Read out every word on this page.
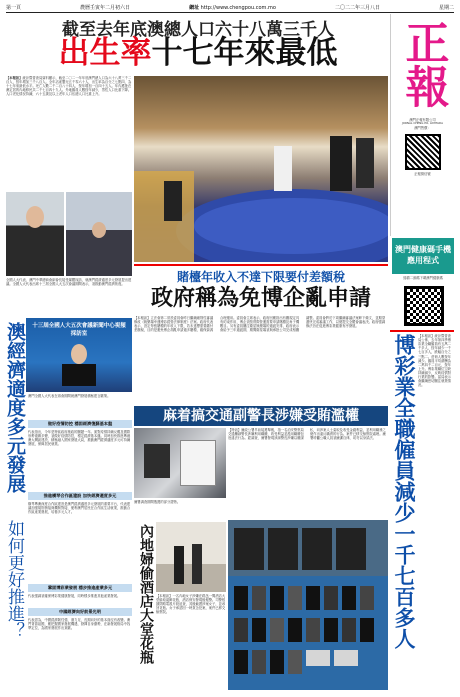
第一頁	農曆壬寅年二月初六日	網址 http://www.chengpou.com.mo	二〇二二年三月八日	星期二
截至去年底澳總人口六十八萬三千人
出生率十七年來最低
【本報訊】統計暨普查局資料顯示，截至二〇二一年年底澳門總人口為六十八萬三千二百人，按年增加三千八百人。全年活產嬰兒五千零六十人，出生率為百分之七點四，為十七年來最低水平。死亡人數二千二百八十四人，按年增加一百四十五人。年內獲批在澳定居的內地移民共二千七百四十九人。外地僱員人數按年減少，男性人口比重下降。人口老化情況持續，六十五歲及以上老年人口佔總人口比重上升。	正報
澳門正報有限公司
JORNAL CHENG PO, LIMITADA
澳門售價：
正報微信號
澳門健康碼手機應用程式
掃描二維碼下載澳門健康碼
全國人大代表、澳門中華總商會副會長接受媒體採訪，就澳門經濟適度多元發展提出建議。全國人大代表出席十三屆全國人大五次會議期間表示，須推動澳門經濟恢復。
十三屆全國人大五次會議新聞中心視頻採訪室
澳經濟適度多元發展
如何更好推進？
澳門全國人大代表在兩會期間就澳門發展積極建言獻策。
做好疫情防控 穩固經濟復蘇基本盤
代表指出，今年是特區政府施政的關鍵一年。面對疫情持續反覆及國際形勢複雜多變，須做好疫情防控，穩定經濟基本盤。同時加快推進粵港澳大灣區建設，積極融入國家發展大局，推動澳門經濟適度多元可持續發展，保障居民就業。
推進橫琴合作區建設 加快經濟適度多元
橫琴粵澳深度合作區建設是澳門經濟適度多元發展的重要平台，代表建議加強規則銜接與機制對接，便利澳門居民在合作區生活就業，推動合作區產業發展，培養多元人才。
鞏固博彩業發展 穩步推進產業多元
代表強調須確保博彩業健康發展，同時穩步推進其他產業發展。
中國經濟向好前景光明
代表認為，中國經濟韌性強、潛力足，長期向好的基本面沒有改變。澳門背靠祖國，應把握國家發展機遇，發揮自身優勢，在新發展格局中找準定位，為國家發展作出貢獻。
賭檯年收入不達下限要付差額稅
政府稱為免博企亂申請
【本報訊】立法會第二常設委員會昨日繼續細則性審議修改《娛樂場幸運博彩經營法律制度》法案。政府代表表示，設定每張賭檯的年收入下限，若未達標需要繳付差額稅，目的是避免博企胡亂申請過多賭檯，確保資源合理運用。委員會主席表示，政府回應指出有關規定具有約束作用，博企須按實際營運需要申請賭檯及角子機數目。另有委員關注衛星娛樂場的過渡安排，政府表示會給予三年過渡期，期間衛星場須與承批公司完成相關調整。委員會將於下周繼續審議法案餘下條文，並期望盡快完成審議工作，以便提交全體會議表決。政府強調修法旨在促進博彩業健康有序發展。
麻着搞交通副警長涉嫌受賄濫權
【特訊】廉政公署早前接獲舉報，指一名治安警察局交通廳副警長涉嫌利用職權，收受利益並濫用職權包庇違法行為。經調查，廉署發現該副警長涉嫌以權謀私，向涉案人士索取及收受金錢利益，並利用職務之便作出違反職責的行為。案件已移交檢察院處理。廉署呼籲公職人員須廉潔自律，切勿以身試法。
廉署調查期間搜獲的部分證物。
內地婦偷酒店大堂花瓶 【本報訊】一名內地女子涉嫌在路氹一間酒店大堂偷取裝飾花瓶，酒店保安發現後報警。司警根據閉路電視片段追查，其後截獲涉案女子，並尋回花瓶。女子承認因一時貪念犯案，案件已移交檢察院。	博彩業全職僱員減少一千七百多人 【本報訊】統計暨普查局公佈，去年第四季博彩業全職僱員有五萬二千多人，按年減少一千七百多人，跌幅百分之三點二。莊荷人數按年減少。僱員平均薪酬為二萬四千二百元，按年上升。博彩業職位空缺持續減少，反映疫情對行業的影響。當局表示會繼續密切關注就業情況。
